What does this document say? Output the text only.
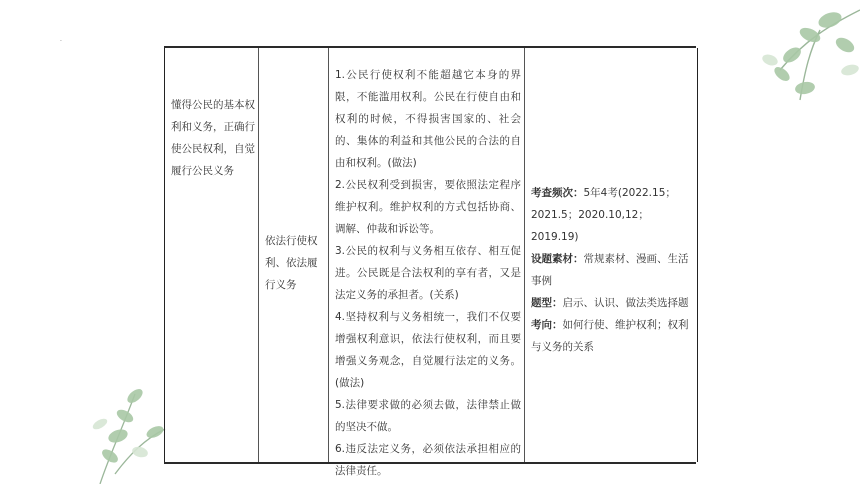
.
懂得公民的基本权利和义务，正确行使公民权利，自觉履行公民义务
依法行使权利、依法履行义务

1.公民行使权利不能超越它本身的界限，不能滥用权利。公民在行使自由和权利的时候，不得损害国家的、社会的、集体的利益和其他公民的合法的自由和权利。(做法)

2.公民权利受到损害，要依照法定程序维护权利。维护权利的方式包括协商、调解、仲裁和诉讼等。

3.公民的权利与义务相互依存、相互促进。公民既是合法权利的享有者，又是法定义务的承担者。(关系)

4.坚持权利与义务相统一，我们不仅要增强权利意识，依法行使权利，而且要增强义务观念，自觉履行法定的义务。(做法)

5.法律要求做的必须去做，法律禁止做的坚决不做。

6.违反法定义务，必须依法承担相应的法律责任。

考查频次：5年4考(2022.15；2021.5；2020.10,12；2019.19)

设题素材：常规素材、漫画、生活事例

题型：启示、认识、做法类选择题

考向：如何行使、维护权利；权利与义务的关系
